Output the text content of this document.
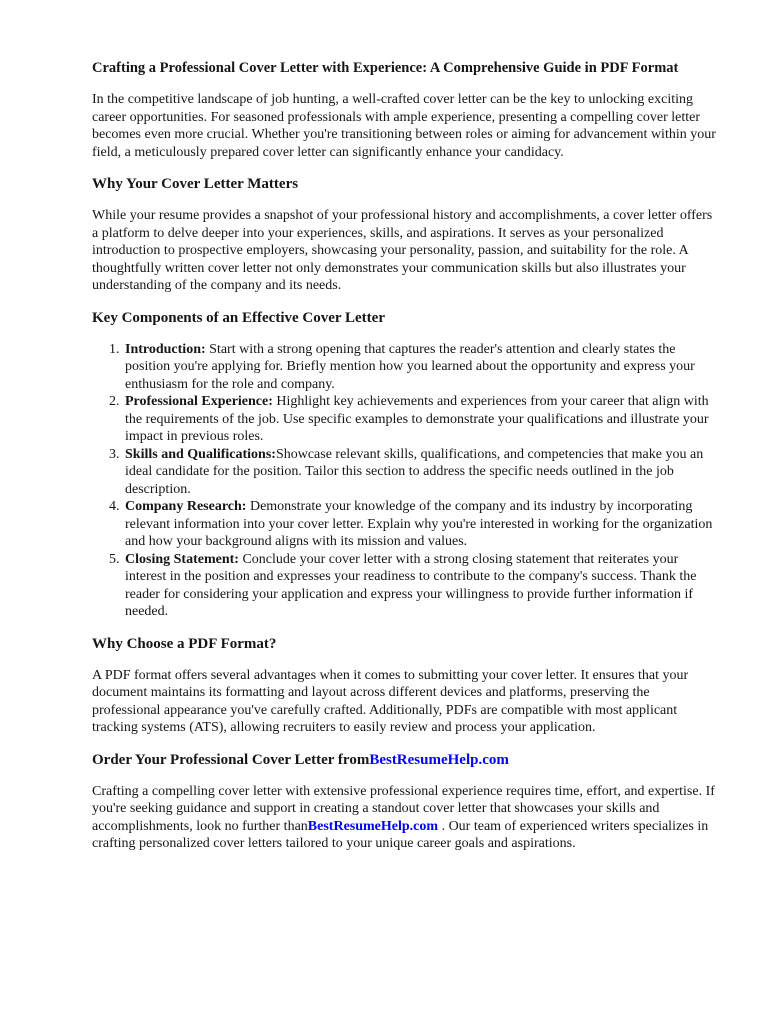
Crafting a Professional Cover Letter with Experience: A Comprehensive Guide in PDF Format

In the competitive landscape of job hunting, a well-crafted cover letter can be the key to unlocking exciting career opportunities. For seasoned professionals with ample experience, presenting a compelling cover letter becomes even more crucial. Whether you're transitioning between roles or aiming for advancement within your field, a meticulously prepared cover letter can significantly enhance your candidacy.

Why Your Cover Letter Matters

While your resume provides a snapshot of your professional history and accomplishments, a cover letter offers a platform to delve deeper into your experiences, skills, and aspirations. It serves as your personalized introduction to prospective employers, showcasing your personality, passion, and suitability for the role. A thoughtfully written cover letter not only demonstrates your communication skills but also illustrates your understanding of the company and its needs.

Key Components of an Effective Cover Letter
1. Introduction: Start with a strong opening that captures the reader's attention and clearly states the position you're applying for. Briefly mention how you learned about the opportunity and express your enthusiasm for the role and company.
2. Professional Experience: Highlight key achievements and experiences from your career that align with the requirements of the job. Use specific examples to demonstrate your qualifications and illustrate your impact in previous roles.
3. Skills and Qualifications:Showcase relevant skills, qualifications, and competencies that make you an ideal candidate for the position. Tailor this section to address the specific needs outlined in the job description.
4. Company Research: Demonstrate your knowledge of the company and its industry by incorporating relevant information into your cover letter. Explain why you're interested in working for the organization and how your background aligns with its mission and values.
5. Closing Statement: Conclude your cover letter with a strong closing statement that reiterates your interest in the position and expresses your readiness to contribute to the company's success. Thank the reader for considering your application and express your willingness to provide further information if needed.
Why Choose a PDF Format?

A PDF format offers several advantages when it comes to submitting your cover letter. It ensures that your document maintains its formatting and layout across different devices and platforms, preserving the professional appearance you've carefully crafted. Additionally, PDFs are compatible with most applicant tracking systems (ATS), allowing recruiters to easily review and process your application.

Order Your Professional Cover Letter fromBestResumeHelp.com

Crafting a compelling cover letter with extensive professional experience requires time, effort, and expertise. If you're seeking guidance and support in creating a standout cover letter that showcases your skills and accomplishments, look no further thanBestResumeHelp.com . Our team of experienced writers specializes in crafting personalized cover letters tailored to your unique career goals and aspirations.
